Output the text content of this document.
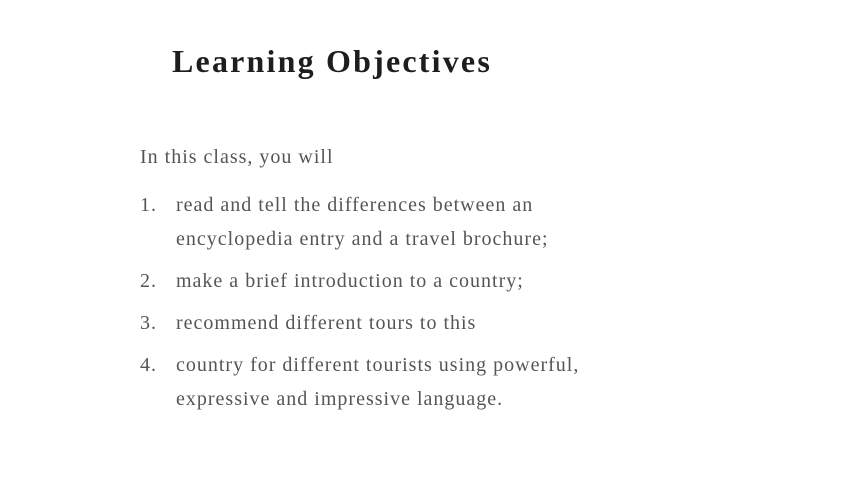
Learning Objectives

In this class, you will

1. read and tell the differences between an
encyclopedia entry and a travel brochure;
2. make a brief introduction to a country;
3. recommend different tours to this
4. country for different tourists using powerful,
expressive and impressive language.
